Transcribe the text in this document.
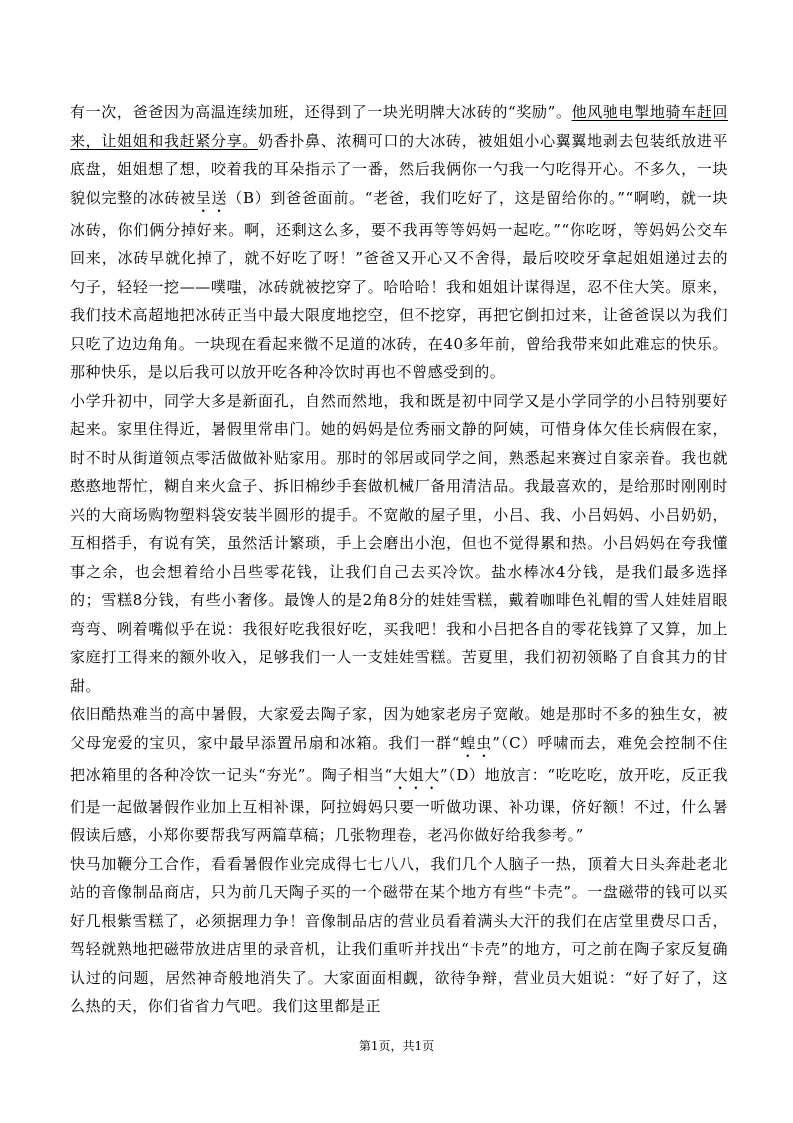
有一次，爸爸因为高温连续加班，还得到了一块光明牌大冰砖的“奖励”。他风驰电掣地骑车赶回来，让姐姐和我赶紧分享。奶香扑鼻、浓稠可口的大冰砖，被姐姐小心翼翼地剥去包装纸放进平底盘，姐姐想了想，咬着我的耳朵指示了一番，然后我俩你一勺我一勺吃得开心。不多久，一块貌似完整的冰砖被呈送（B）到爸爸面前。“老爸，我们吃好了，这是留给你的。”“啊哟，就一块冰砖，你们俩分掉好来。啊，还剩这么多，要不我再等等妈妈一起吃。”“你吃呀，等妈妈公交车回来，冰砖早就化掉了，就不好吃了呀！”爸爸又开心又不舍得，最后咬咬牙拿起姐姐递过去的勺子，轻轻一挖——噗嗤，冰砖就被挖穿了。哈哈哈！我和姐姐计谋得逞，忍不住大笑。原来，我们技术高超地把冰砖正当中最大限度地挖空，但不挖穿，再把它倒扣过来，让爸爸误以为我们只吃了边边角角。一块现在看起来微不足道的冰砖，在40多年前，曾给我带来如此难忘的快乐。那种快乐，是以后我可以放开吃各种冷饮时再也不曾感受到的。

小学升初中，同学大多是新面孔，自然而然地，我和既是初中同学又是小学同学的小吕特别要好起来。家里住得近，暑假里常串门。她的妈妈是位秀丽文静的阿姨，可惜身体欠佳长病假在家，时不时从街道领点零活做做补贴家用。那时的邻居或同学之间，熟悉起来赛过自家亲眷。我也就憨憨地帮忙，糊自来火盒子、拆旧棉纱手套做机械厂备用清洁品。我最喜欢的，是给那时刚刚时兴的大商场购物塑料袋安装半圆形的提手。不宽敞的屋子里，小吕、我、小吕妈妈、小吕奶奶，互相搭手，有说有笑，虽然活计繁琐，手上会磨出小泡，但也不觉得累和热。小吕妈妈在夸我懂事之余，也会想着给小吕些零花钱，让我们自己去买冷饮。盐水棒冰4分钱，是我们最多选择的；雪糕8分钱，有些小奢侈。最馋人的是2角8分的娃娃雪糕，戴着咖啡色礼帽的雪人娃娃眉眼弯弯、咧着嘴似乎在说：我很好吃我很好吃，买我吧！我和小吕把各自的零花钱算了又算，加上家庭打工得来的额外收入，足够我们一人一支娃娃雪糕。苦夏里，我们初初领略了自食其力的甘甜。

依旧酷热难当的高中暑假，大家爱去陶子家，因为她家老房子宽敞。她是那时不多的独生女，被父母宠爱的宝贝，家中最早添置吊扇和冰箱。我们一群“蝗虫”（C）呼啸而去，难免会控制不住把冰箱里的各种冷饮一记头“夯光”。陶子相当“大姐大”（D）地放言：“吃吃吃，放开吃，反正我们是一起做暑假作业加上互相补课，阿拉姆妈只要一听做功课、补功课，侪好额！不过，什么暑假读后感，小郑你要帮我写两篇草稿；几张物理卷，老冯你做好给我参考。”

快马加鞭分工合作，看看暑假作业完成得七七八八，我们几个人脑子一热，顶着大日头奔赴老北站的音像制品商店，只为前几天陶子买的一个磁带在某个地方有些“卡壳”。一盘磁带的钱可以买好几根紫雪糕了，必须据理力争！音像制品店的营业员看着满头大汗的我们在店堂里费尽口舌，驾轻就熟地把磁带放进店里的录音机，让我们重听并找出“卡壳”的地方，可之前在陶子家反复确认过的问题，居然神奇般地消失了。大家面面相觑，欲待争辩，营业员大姐说：“好了好了，这么热的天，你们省省力气吧。我们这里都是正

第1页，共1页
